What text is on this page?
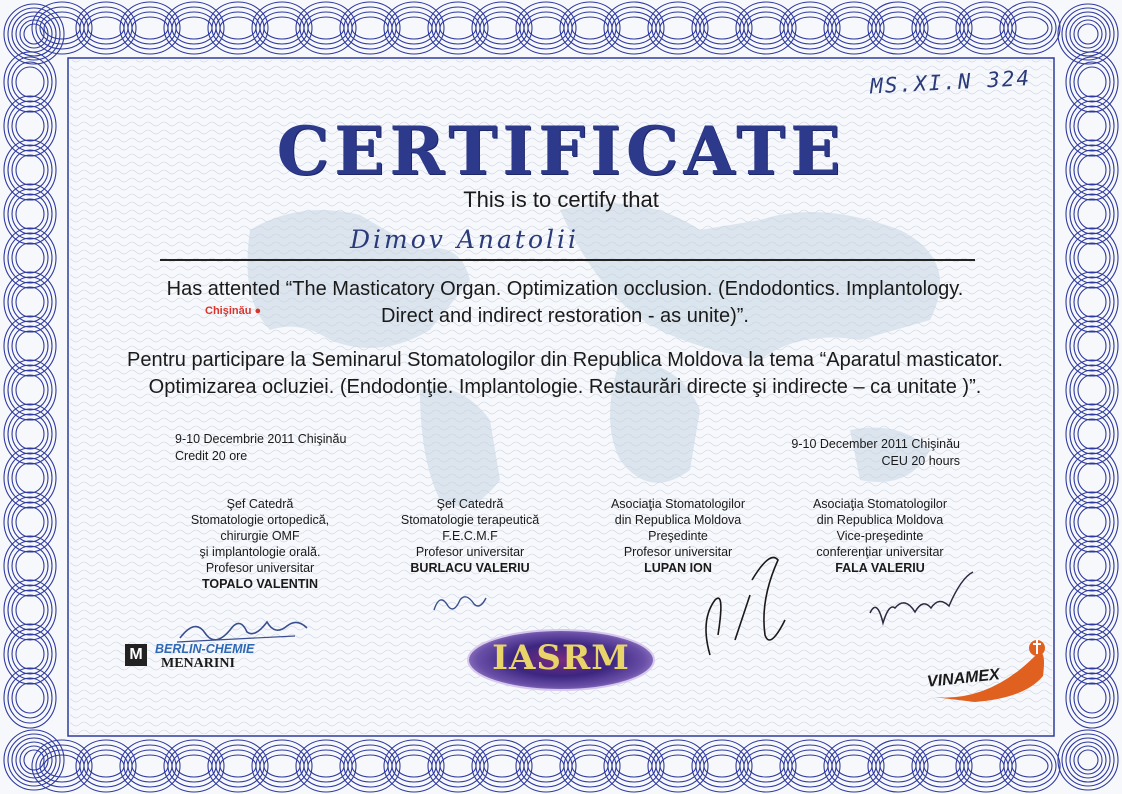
MS.XI.N 324
CERTIFICATE
This is to certify that
Dimov Anatolii
Has attented “The Masticatory Organ. Optimization occlusion. (Endodontics. Implantology.
Direct and indirect restoration - as unite)”.
Chişinău ●
Pentru participare la Seminarul Stomatologilor din Republica Moldova la tema “Aparatul masticator.
Optimizarea ocluziei. (Endodonţie. Implantologie. Restaurări directe şi indirecte – ca unitate )”.
9-10 Decembrie 2011 Chişinău
Credit 20 ore
9-10 December 2011 Chişinău
CEU 20 hours
Şef Catedră
Stomatologie ortopedică,
chirurgie OMF
şi implantologie orală.
Profesor universitar
TOPALO VALENTIN
Şef Catedră
Stomatologie terapeutică
F.E.C.M.F
Profesor universitar
BURLACU VALERIU
Asociaţia Stomatologilor
din Republica Moldova
Preşedinte
Profesor universitar
LUPAN ION
Asociaţia Stomatologilor
din Republica Moldova
Vice-preşedinte
conferenţiar universitar
FALA VALERIU
M BERLIN-CHEMIE
MENARINI	IASRM
VINAMEX
